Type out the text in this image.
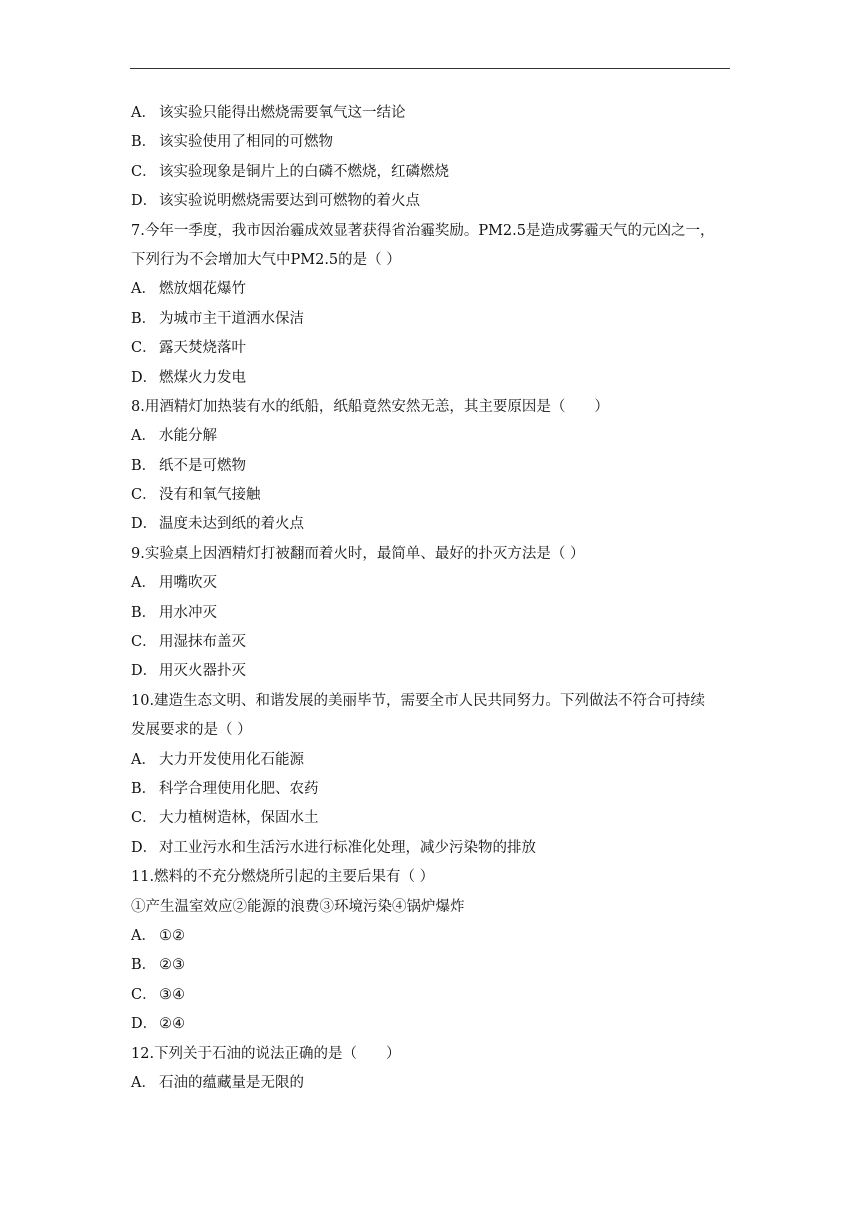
A． 该实验只能得出燃烧需要氧气这一结论
B． 该实验使用了相同的可燃物
C． 该实验现象是铜片上的白磷不燃烧，红磷燃烧
D． 该实验说明燃烧需要达到可燃物的着火点
7.今年一季度，我市因治霾成效显著获得省治霾奖励。PM2.5是造成雾霾天气的元凶之一，
下列行为不会增加大气中PM2.5的是（ ）
A． 燃放烟花爆竹
B． 为城市主干道洒水保洁
C． 露天焚烧落叶
D． 燃煤火力发电
8.用酒精灯加热装有水的纸船，纸船竟然安然无恙，其主要原因是（　　）
A． 水能分解
B． 纸不是可燃物
C． 没有和氧气接触
D． 温度未达到纸的着火点
9.实验桌上因酒精灯打被翻而着火时，最简单、最好的扑灭方法是（ ）
A． 用嘴吹灭
B． 用水冲灭
C． 用湿抹布盖灭
D． 用灭火器扑灭
10.建造生态文明、和谐发展的美丽毕节，需要全市人民共同努力。下列做法不符合可持续
发展要求的是（ ）
A． 大力开发使用化石能源
B． 科学合理使用化肥、农药
C． 大力植树造林，保固水土
D． 对工业污水和生活污水进行标准化处理，减少污染物的排放
11.燃料的不充分燃烧所引起的主要后果有（ ）
①产生温室效应②能源的浪费③环境污染④锅炉爆炸
A． ①②
B． ②③
C． ③④
D． ②④
12.下列关于石油的说法正确的是（　　）
A． 石油的蕴藏量是无限的
